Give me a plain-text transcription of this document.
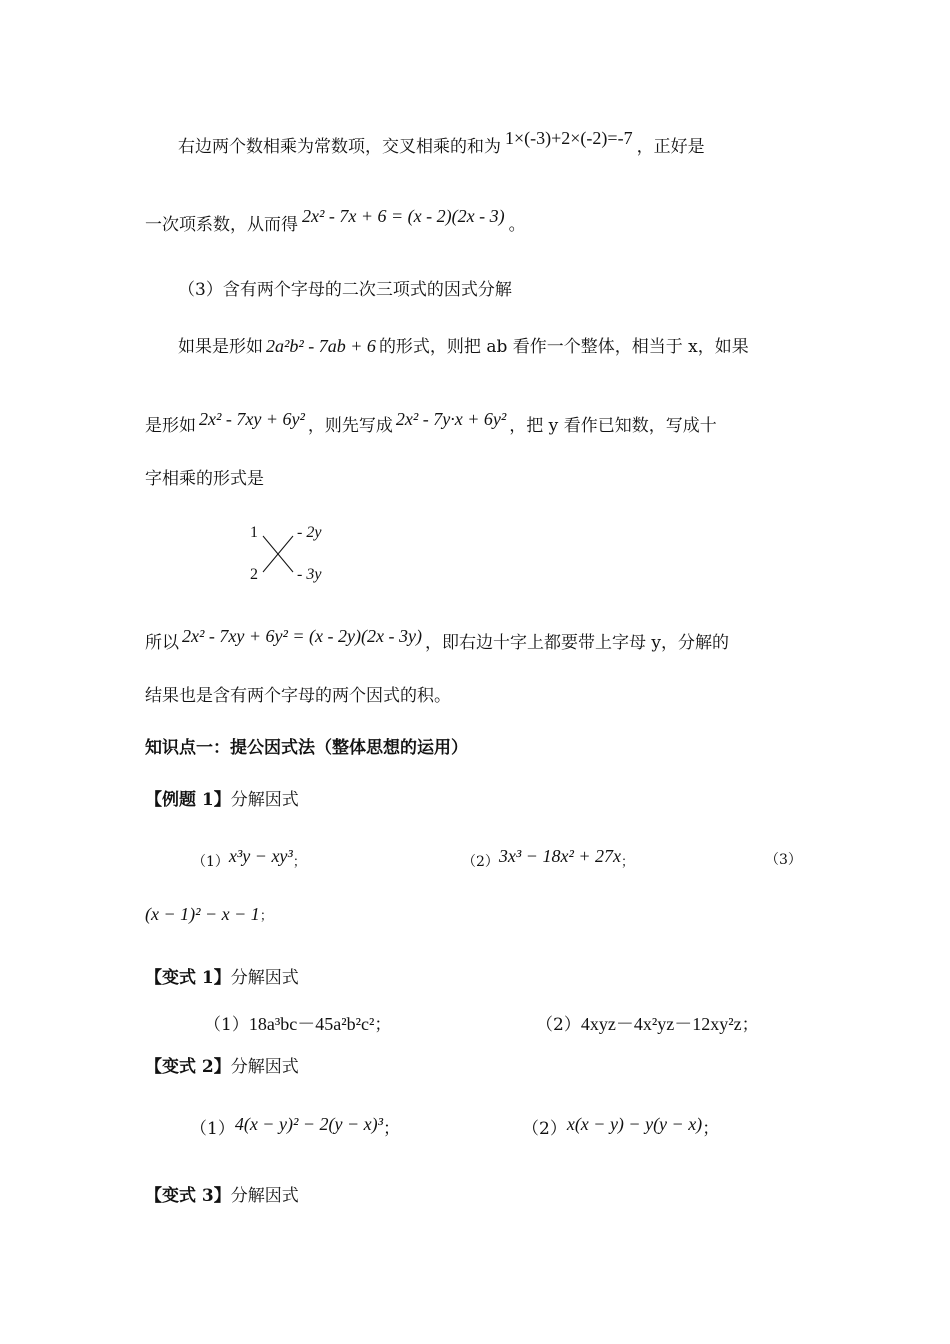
右边两个数相乘为常数项，交叉相乘的和为 1×(-3)+2×(-2)=-7 ，正好是
一次项系数，从而得 2x² - 7x + 6 = (x - 2)(2x - 3) 。
（3）含有两个字母的二次三项式的因式分解
如果是形如 2a²b² - 7ab + 6 的形式，则把 ab 看作一个整体，相当于 x，如果
是形如 2x² - 7xy + 6y² ，则先写成 2x² - 7y·x + 6y² ，把 y 看作已知数，写成十
字相乘的形式是
1 - 2y
2 - 3y
所以 2x² - 7xy + 6y² = (x - 2y)(2x - 3y) ，即右边十字上都要带上字母 y，分解的
结果也是含有两个字母的两个因式的积。
知识点一：提公因式法（整体思想的运用）
【例题 1】分解因式
（1）x³y − xy³；	（2）3x³ − 18x² + 27x；	（3）
(x − 1)² − x − 1；
【变式 1】分解因式
（1）18a³bc－45a²b²c²；	（2）4xyz－4x²yz－12xy²z；
【变式 2】分解因式
（1）4(x − y)² − 2(y − x)³；	（2）x(x − y) − y(y − x)；
【变式 3】分解因式
